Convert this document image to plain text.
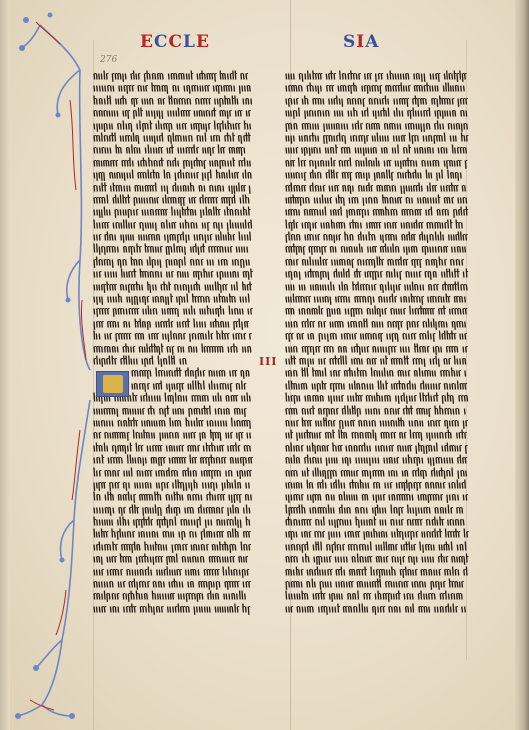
ECCLE	SIA
276
III
